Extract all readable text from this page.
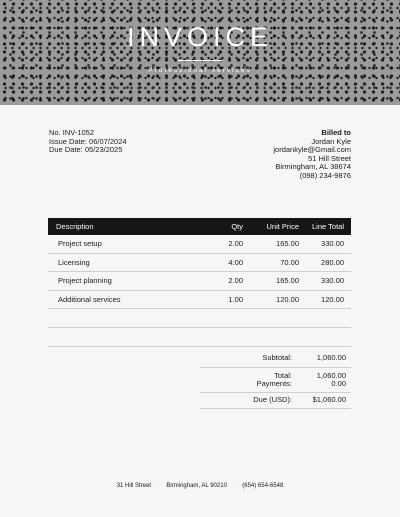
INVOICE
Professional services
No. INV-1052
Issue Date: 06/07/2024
Due Date: 05/23/2025
Billed to
Jordan Kyle
jordankyle@Gmail.com
51 Hill Street
Birmingham, AL 38674
(098) 234-9876
Description	Qty	Unit Price	Line Total
Project setup	2.00	165.00	330.00
Licensing	4:00	70.00	280.00
Project planning	2.00	165.00	330.00
Additional services	1.00	120.00	120.00
Subtotal:	1,060.00
Total:	1,060.00
Payments:	0.00
Due (USD):	$1,060.00
31 Hill Street · Birmingham, AL 90210 · (654) 654-6548
